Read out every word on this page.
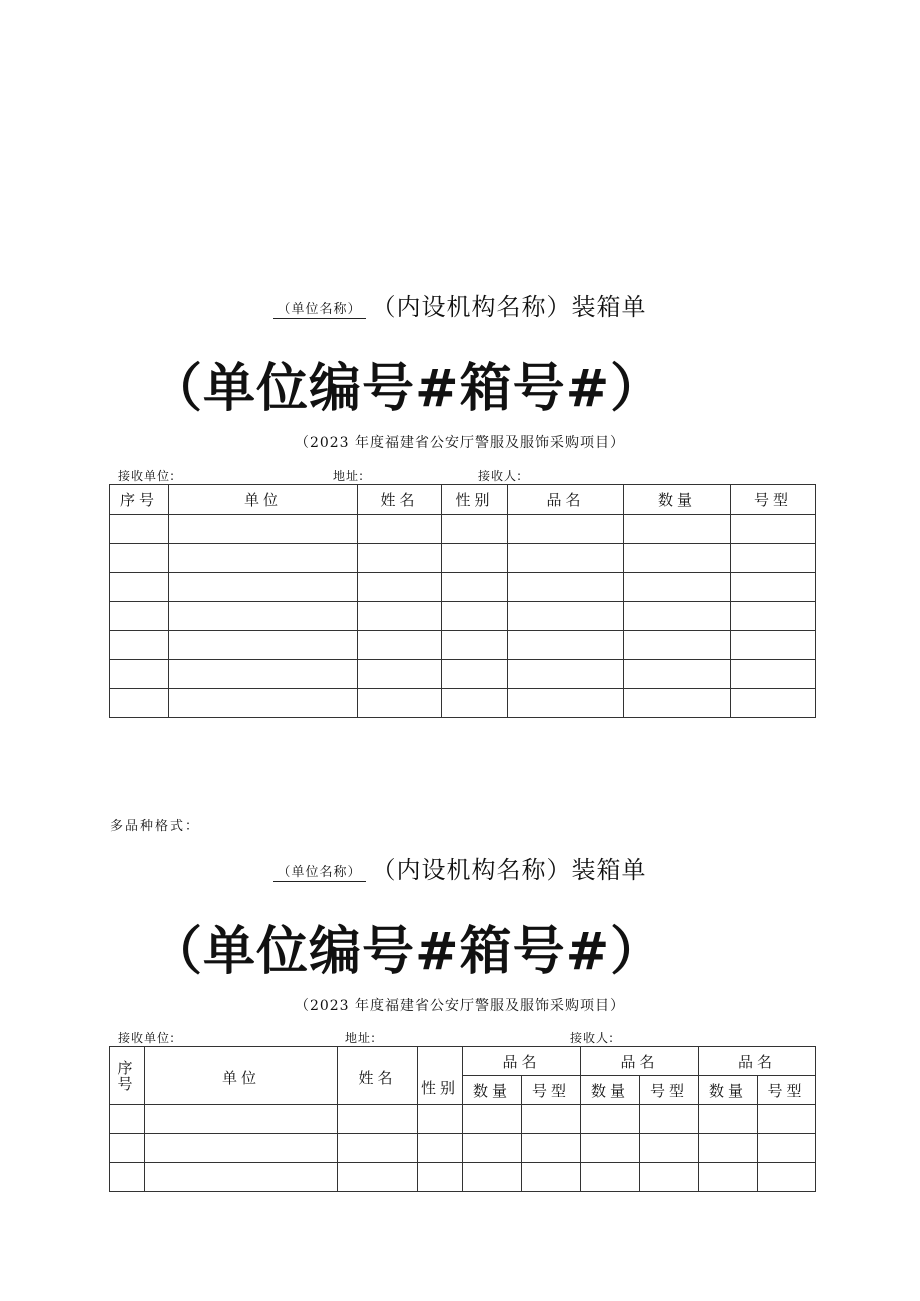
（单位名称） （内设机构名称）装箱单
（单位编号#箱号#）
（2023 年度福建省公安厅警服及服饰采购项目）
接收单位:	地址:	接收人:
序号	单位	姓名	性别	品名	数量	号型

多品种格式：
（单位名称） （内设机构名称）装箱单
（单位编号#箱号#）
（2023 年度福建省公安厅警服及服饰采购项目）
接收单位:	地址:	接收人:
序
号	单位	姓名	性别	品名		品名		品名	
				数量	号型	数量	号型	数量	号型
